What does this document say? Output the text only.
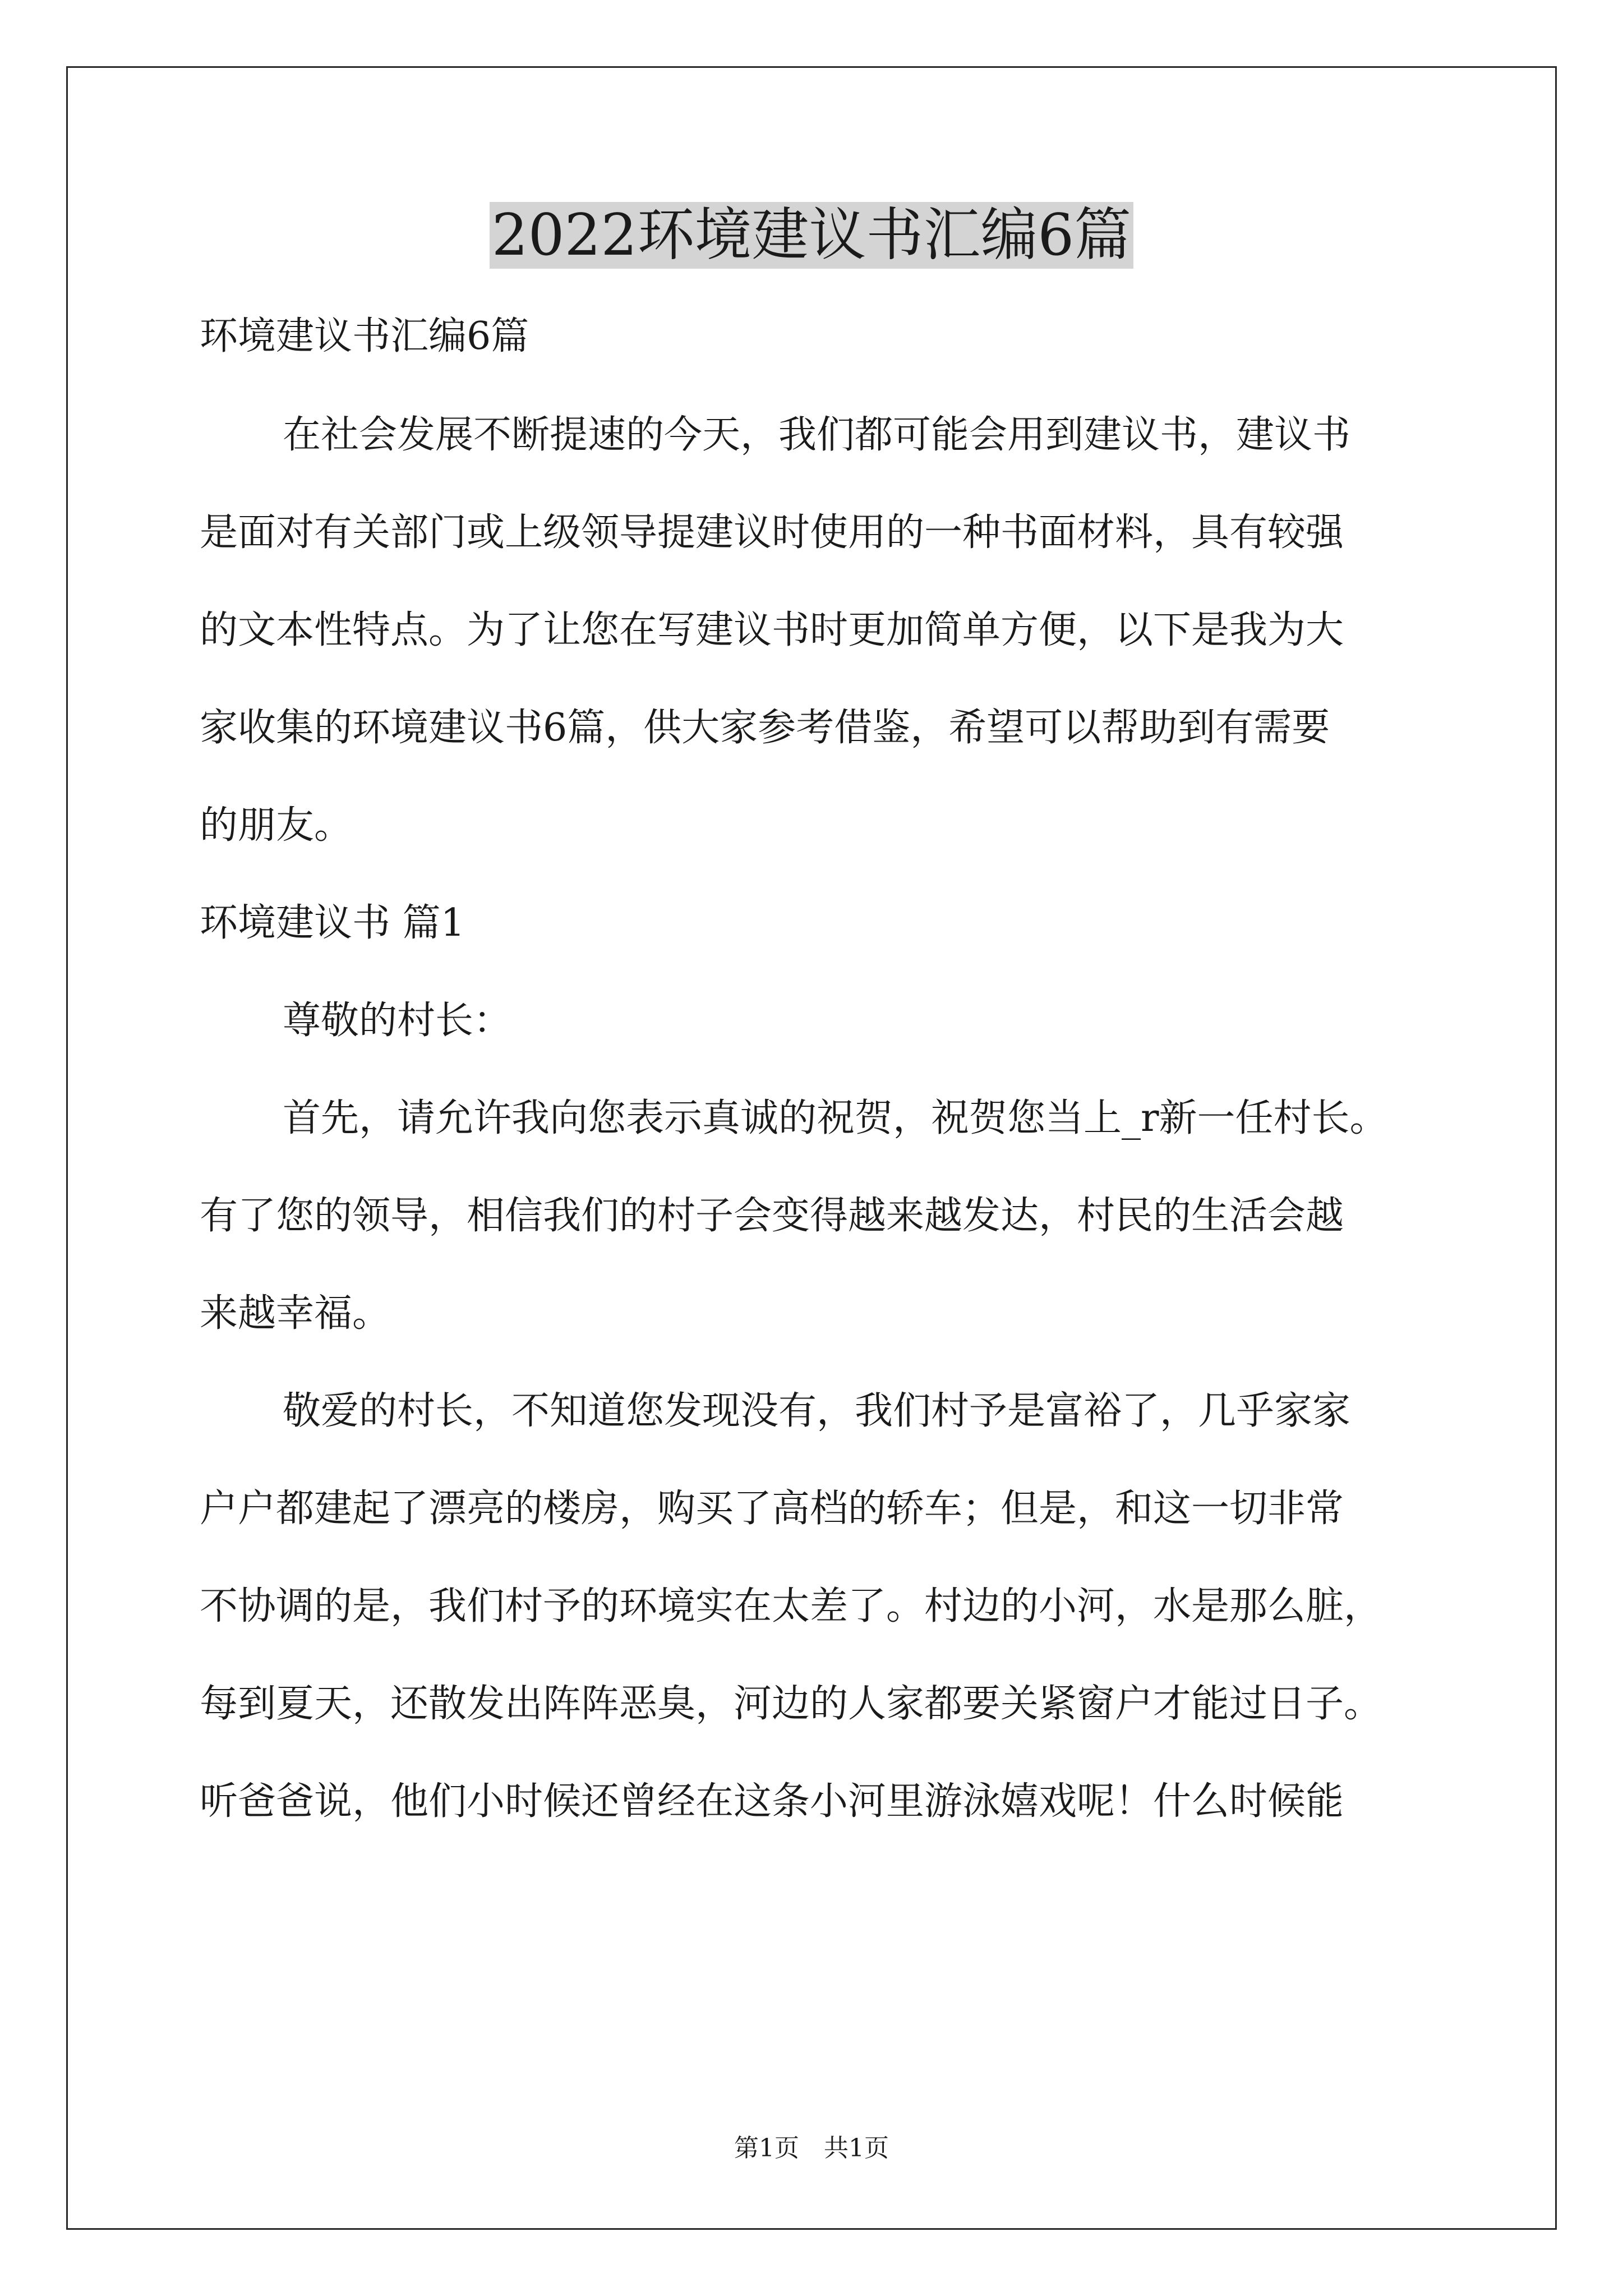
2022环境建议书汇编6篇
环境建议书汇编6篇
在社会发展不断提速的今天，我们都可能会用到建议书，建议书
是面对有关部门或上级领导提建议时使用的一种书面材料，具有较强
的文本性特点。为了让您在写建议书时更加简单方便，以下是我为大
家收集的环境建议书6篇，供大家参考借鉴，希望可以帮助到有需要
的朋友。
环境建议书 篇1
尊敬的村长：
首先，请允许我向您表示真诚的祝贺，祝贺您当上_r新一任村长。
有了您的领导，相信我们的村子会变得越来越发达，村民的生活会越
来越幸福。
敬爱的村长，不知道您发现没有，我们村予是富裕了，几乎家家
户户都建起了漂亮的楼房，购买了高档的轿车；但是，和这一切非常
不协调的是，我们村予的环境实在太差了。村边的小河，水是那么脏，
每到夏天，还散发出阵阵恶臭，河边的人家都要关紧窗户才能过日子。
听爸爸说，他们小时候还曾经在这条小河里游泳嬉戏呢！什么时候能
第1页　共1页
